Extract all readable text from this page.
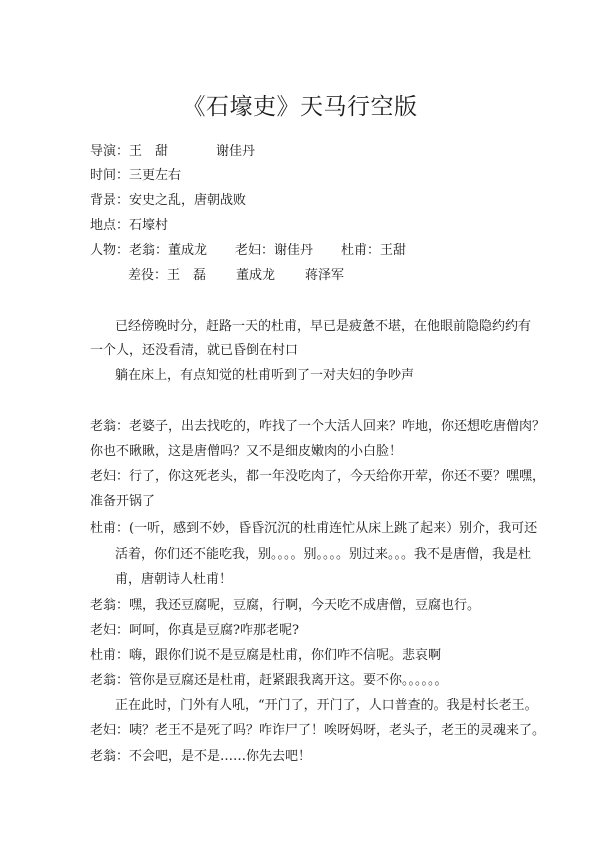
《石壕吏》天马行空版
导演：王　甜	谢佳丹
时间：三更左右
背景：安史之乱，唐朝战败
地点：石壕村
人物：老翁：董成龙 老妇：谢佳丹 杜甫：王甜
差役：王　磊 董成龙 蒋泽军
已经傍晚时分，赶路一天的杜甫，早已是疲惫不堪，在他眼前隐隐约约有
一个人，还没看清，就已昏倒在村口
躺在床上，有点知觉的杜甫听到了一对夫妇的争吵声
老翁：老婆子，出去找吃的，咋找了一个大活人回来？咋地，你还想吃唐僧肉？
你也不瞅瞅，这是唐僧吗？又不是细皮嫩肉的小白脸！
老妇：行了，你这死老头，都一年没吃肉了，今天给你开荤，你还不要？嘿嘿，
准备开锅了
杜甫：(一听，感到不妙，昏昏沉沉的杜甫连忙从床上跳了起来）别介，我可还
活着，你们还不能吃我，别。。。。别。。。。别过来。。。我不是唐僧，我是杜
甫，唐朝诗人杜甫！
老翁：嘿，我还豆腐呢，豆腐，行啊，今天吃不成唐僧，豆腐也行。
老妇：呵呵，你真是豆腐?咋那老呢?
杜甫：嗨，跟你们说不是豆腐是杜甫，你们咋不信呢。悲哀啊
老翁：管你是豆腐还是杜甫，赶紧跟我离开这。要不你。。。。。。
正在此时，门外有人吼，“开门了，开门了，人口普查的。我是村长老王。
老妇：咦？老王不是死了吗？咋诈尸了！唉呀妈呀，老头子，老王的灵魂来了。
老翁：不会吧，是不是……你先去吧！
